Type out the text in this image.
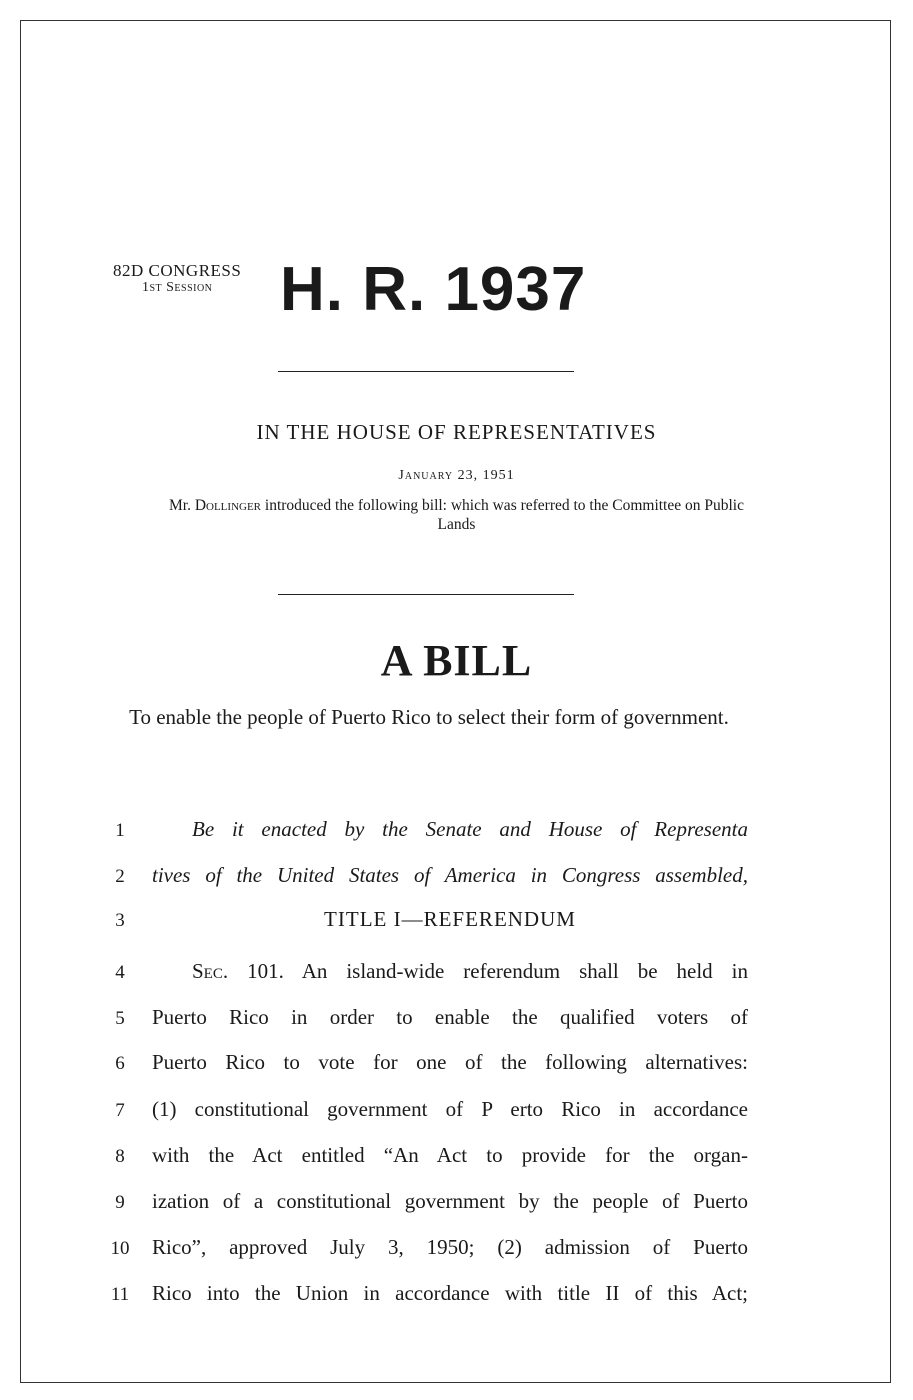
82D CONGRESS
1st Session	H. R. 1937
IN THE HOUSE OF REPRESENTATIVES
January 23, 1951
Mr. Dollinger introduced the following bill: which was referred to the Committee on Public Lands
A BILL
To enable the people of Puerto Rico to select their form of government.
1	Be it enacted by the Senate and House of Representa
2	tives of the United States of America in Congress assembled,
3	TITLE I—REFERENDUM
4	Sec. 101. An island-wide referendum shall be held in
5	Puerto Rico in order to enable the qualified voters of
6	Puerto Rico to vote for one of the following alternatives:
7	(1) constitutional government of P erto Rico in accordance
8	with the Act entitled “An Act to provide for the organ-
9	ization of a constitutional government by the people of Puerto
10	Rico”, approved July 3, 1950; (2) admission of Puerto
11	Rico into the Union in accordance with title II of this Act;
